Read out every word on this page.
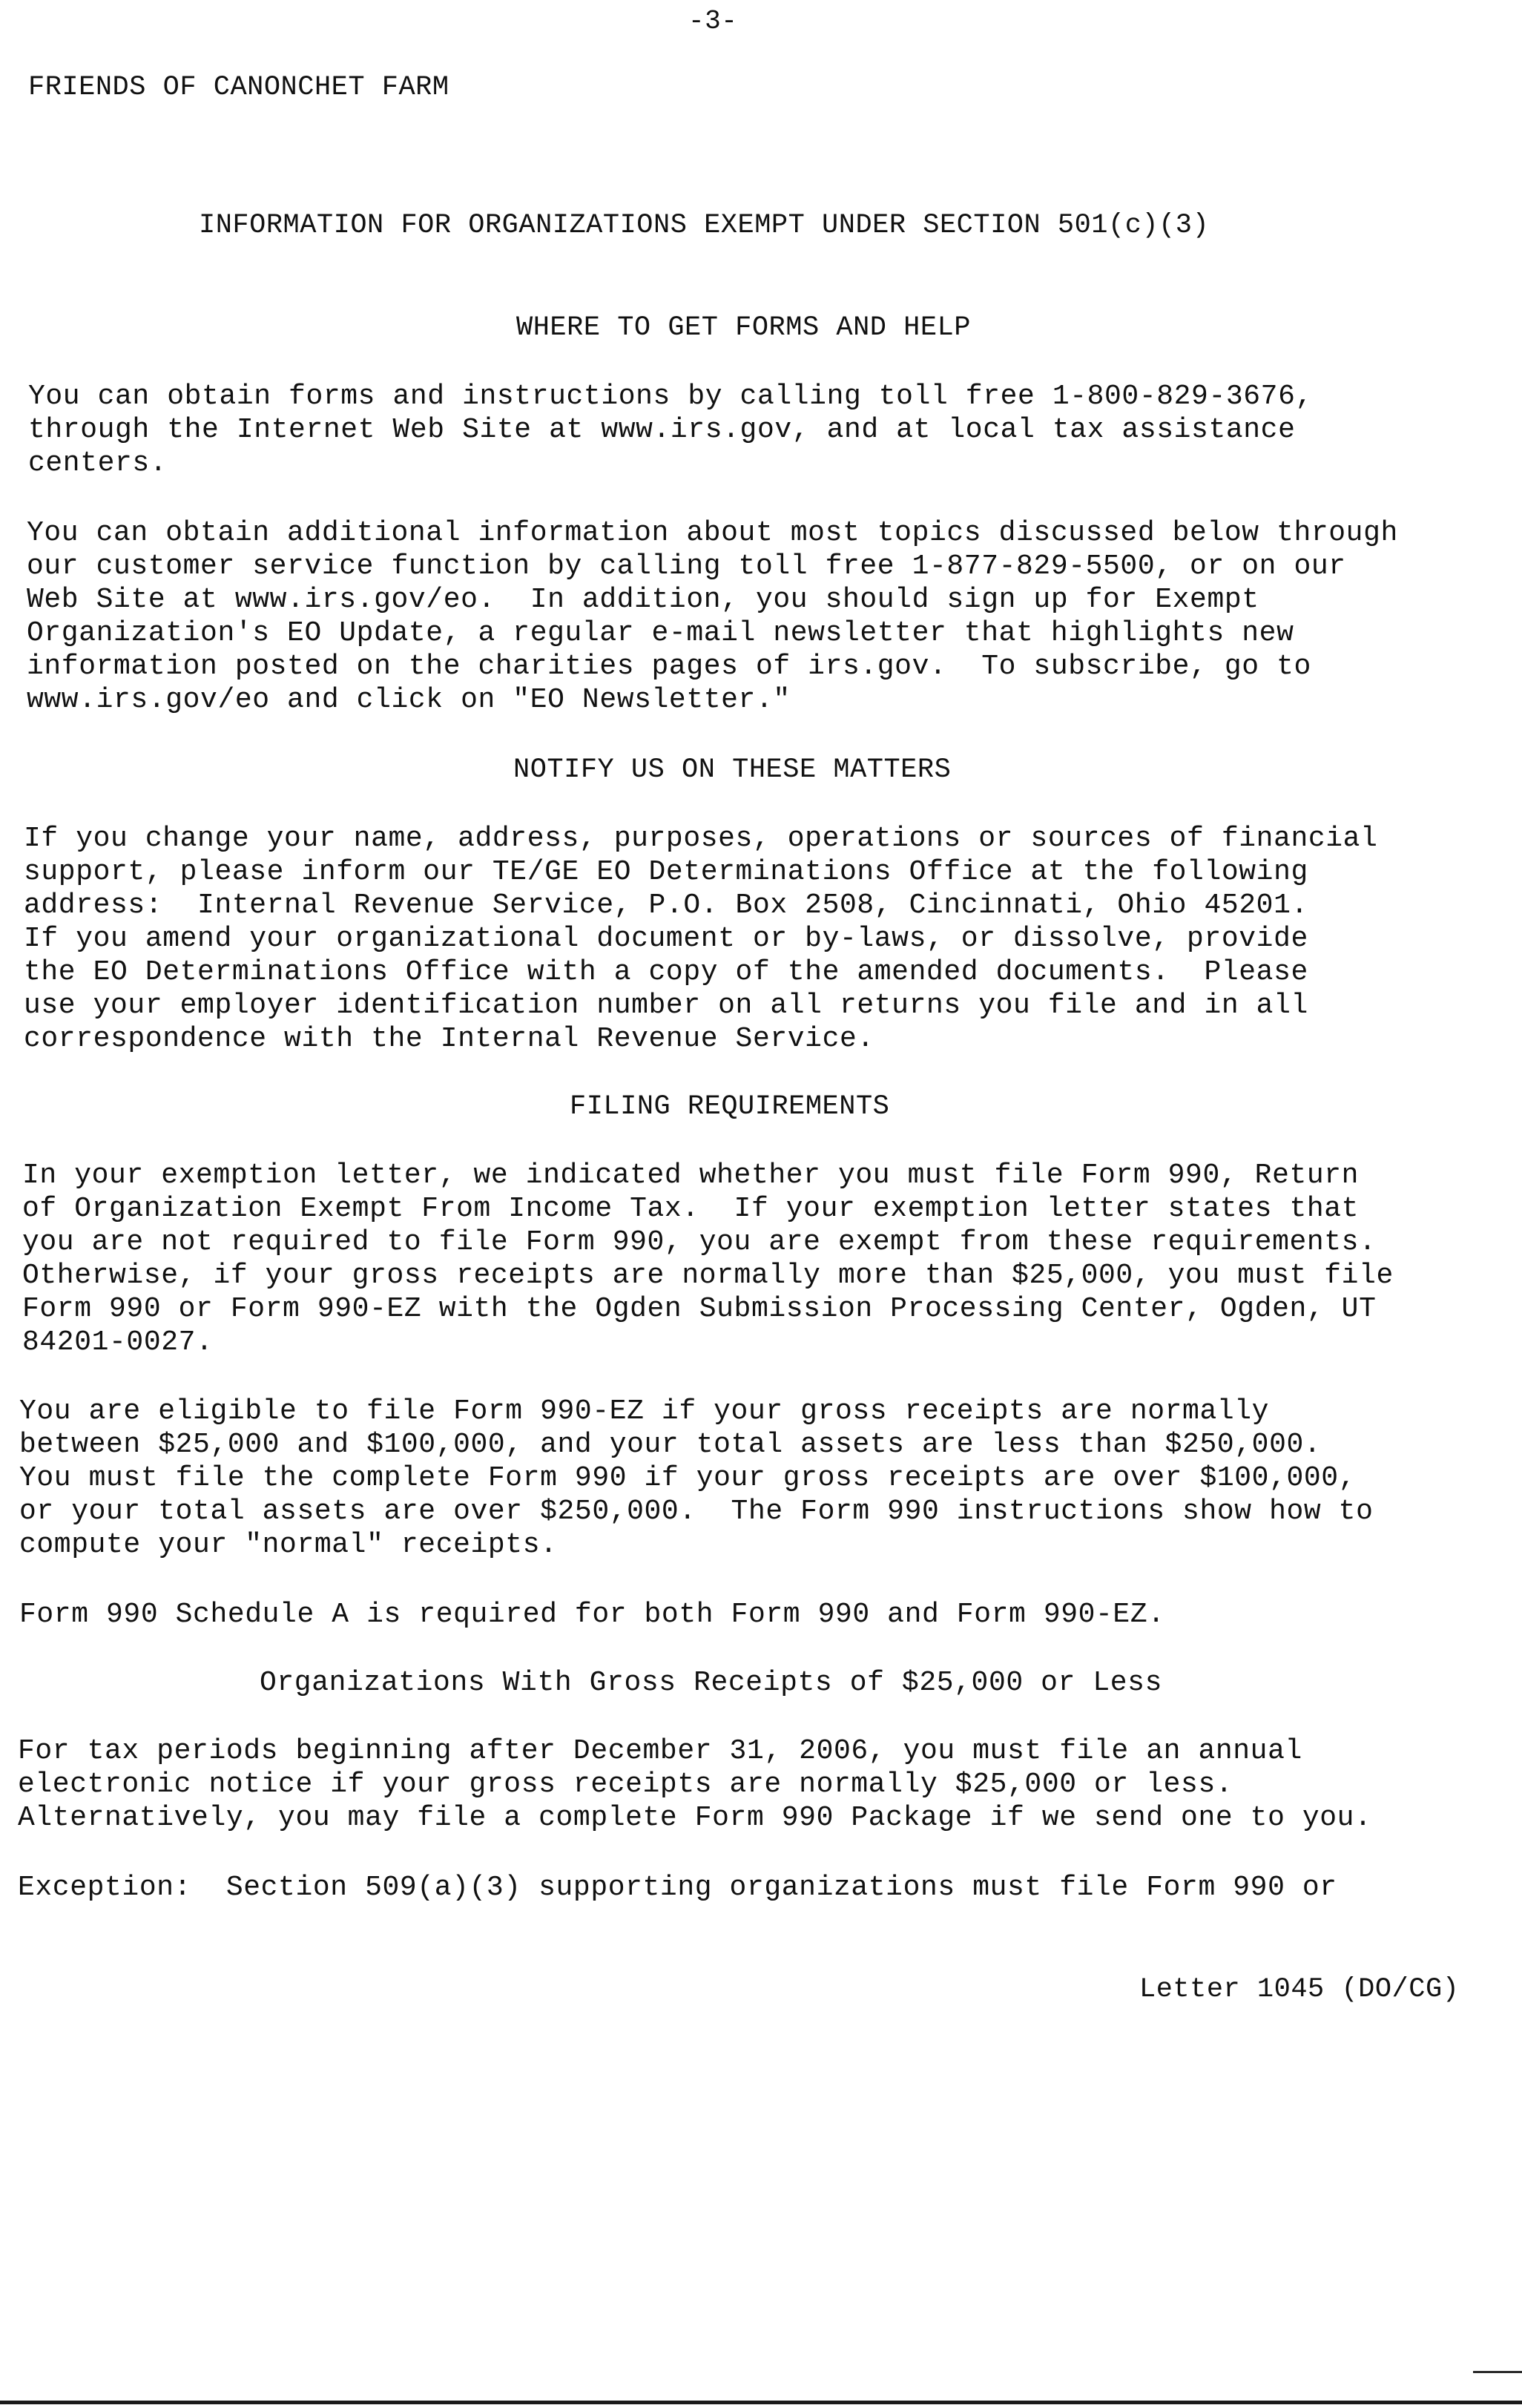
-3-
FRIENDS OF CANONCHET FARM
INFORMATION FOR ORGANIZATIONS EXEMPT UNDER SECTION 501(c)(3)
WHERE TO GET FORMS AND HELP
You can obtain forms and instructions by calling toll free 1-800-829-3676,
through the Internet Web Site at www.irs.gov, and at local tax assistance
centers.
You can obtain additional information about most topics discussed below through
our customer service function by calling toll free 1-877-829-5500, or on our
Web Site at www.irs.gov/eo.  In addition, you should sign up for Exempt
Organization's EO Update, a regular e-mail newsletter that highlights new
information posted on the charities pages of irs.gov.  To subscribe, go to
www.irs.gov/eo and click on "EO Newsletter."
NOTIFY US ON THESE MATTERS
If you change your name, address, purposes, operations or sources of financial
support, please inform our TE/GE EO Determinations Office at the following
address:  Internal Revenue Service, P.O. Box 2508, Cincinnati, Ohio 45201.
If you amend your organizational document or by-laws, or dissolve, provide
the EO Determinations Office with a copy of the amended documents.  Please
use your employer identification number on all returns you file and in all
correspondence with the Internal Revenue Service.
FILING REQUIREMENTS
In your exemption letter, we indicated whether you must file Form 990, Return
of Organization Exempt From Income Tax.  If your exemption letter states that
you are not required to file Form 990, you are exempt from these requirements.
Otherwise, if your gross receipts are normally more than $25,000, you must file
Form 990 or Form 990-EZ with the Ogden Submission Processing Center, Ogden, UT
84201-0027.
You are eligible to file Form 990-EZ if your gross receipts are normally
between $25,000 and $100,000, and your total assets are less than $250,000.
You must file the complete Form 990 if your gross receipts are over $100,000,
or your total assets are over $250,000.  The Form 990 instructions show how to
compute your "normal" receipts.
Form 990 Schedule A is required for both Form 990 and Form 990-EZ.
Organizations With Gross Receipts of $25,000 or Less
For tax periods beginning after December 31, 2006, you must file an annual
electronic notice if your gross receipts are normally $25,000 or less.
Alternatively, you may file a complete Form 990 Package if we send one to you.
Exception:  Section 509(a)(3) supporting organizations must file Form 990 or
Letter 1045 (DO/CG)
